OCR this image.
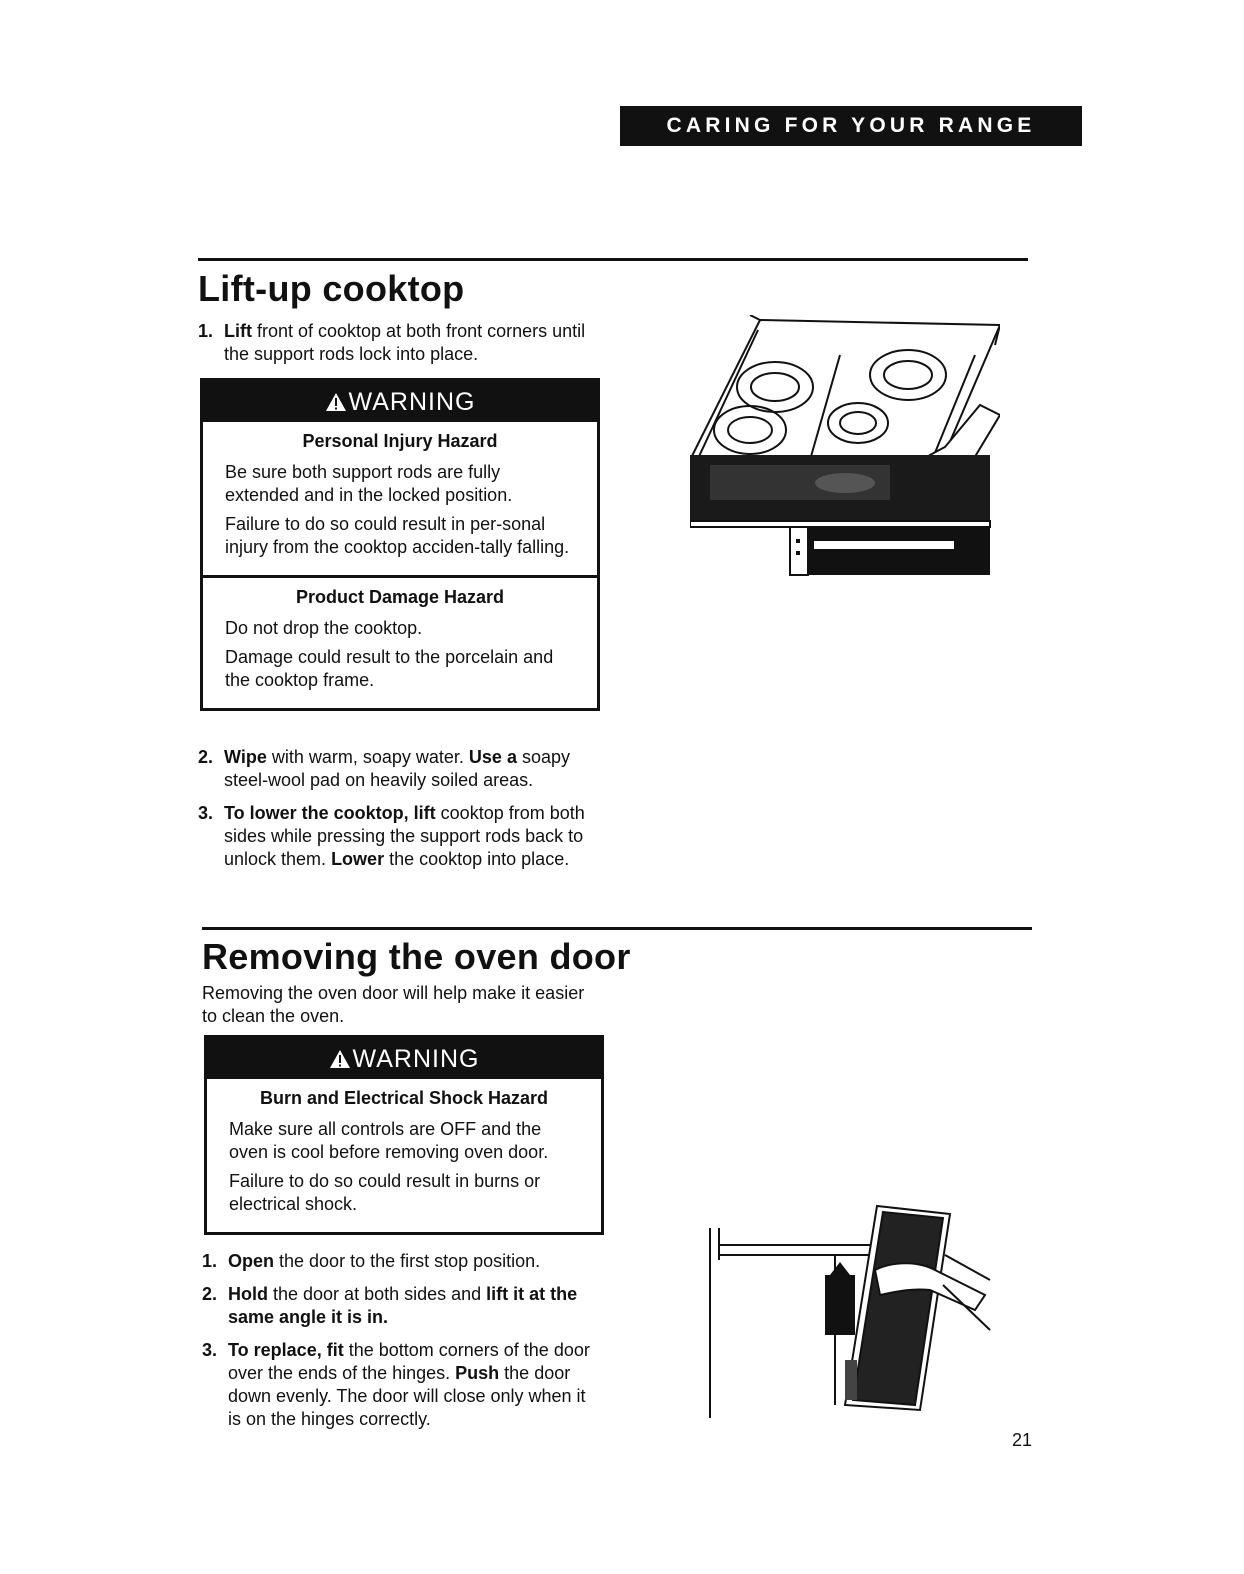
CARING FOR YOUR RANGE
Lift-up cooktop
1. Lift front of cooktop at both front corners until the support rods lock into place.
WARNING
Personal Injury Hazard

Be sure both support rods are fully extended and in the locked position.

Failure to do so could result in per-sonal injury from the cooktop acciden-tally falling.

Product Damage Hazard

Do not drop the cooktop.

Damage could result to the porcelain and the cooktop frame.

2. Wipe with warm, soapy water. Use a soapy steel-wool pad on heavily soiled areas.
3. To lower the cooktop, lift cooktop from both sides while pressing the support rods back to unlock them. Lower the cooktop into place.
Removing the oven door
Removing the oven door will help make it easier to clean the oven.
WARNING
Burn and Electrical Shock Hazard

Make sure all controls are OFF and the oven is cool before removing oven door.

Failure to do so could result in burns or electrical shock.

1. Open the door to the first stop position.
2. Hold the door at both sides and lift it at the same angle it is in.
3. To replace, fit the bottom corners of the door over the ends of the hinges. Push the door down evenly. The door will close only when it is on the hinges correctly.
21
